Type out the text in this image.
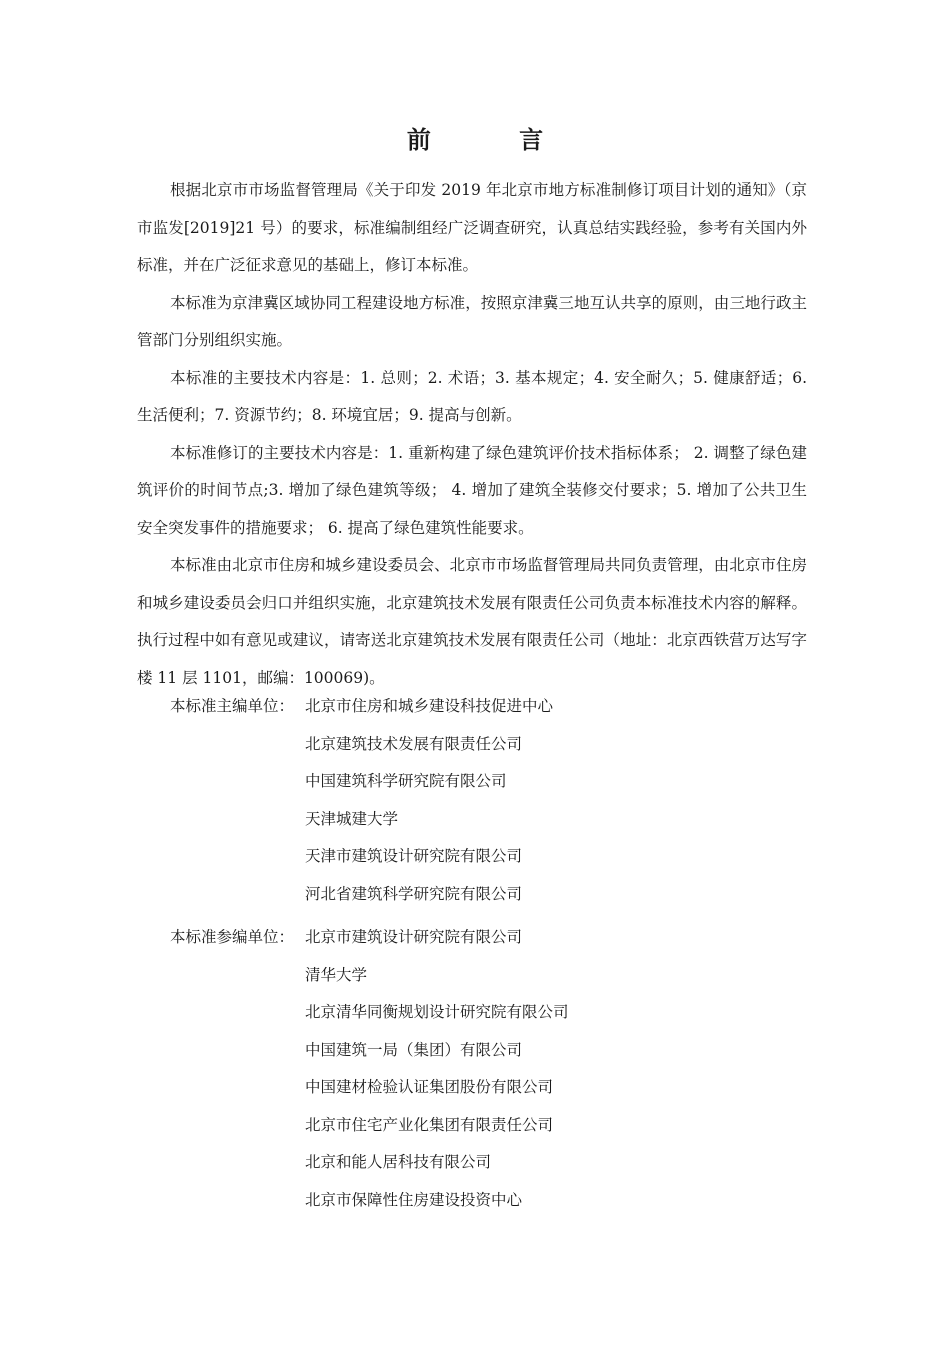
前 言

根据北京市市场监督管理局《关于印发 2019 年北京市地方标准制修订项目计划的通知》（京市监发[2019]21 号）的要求，标准编制组经广泛调查研究，认真总结实践经验，参考有关国内外标准，并在广泛征求意见的基础上，修订本标准。

本标准为京津冀区域协同工程建设地方标准，按照京津冀三地互认共享的原则，由三地行政主管部门分别组织实施。

本标准的主要技术内容是：1. 总则；2. 术语；3. 基本规定；4. 安全耐久；5. 健康舒适；6. 生活便利；7. 资源节约；8. 环境宜居；9. 提高与创新。

本标准修订的主要技术内容是：1. 重新构建了绿色建筑评价技术指标体系； 2. 调整了绿色建筑评价的时间节点;3. 增加了绿色建筑等级； 4. 增加了建筑全装修交付要求；5. 增加了公共卫生安全突发事件的措施要求； 6. 提高了绿色建筑性能要求。

本标准由北京市住房和城乡建设委员会、北京市市场监督管理局共同负责管理，由北京市住房和城乡建设委员会归口并组织实施，北京建筑技术发展有限责任公司负责本标准技术内容的解释。执行过程中如有意见或建议，请寄送北京建筑技术发展有限责任公司（地址：北京西铁营万达写字楼 11 层 1101，邮编：100069)。

本标准主编单位： 北京市住房和城乡建设科技促进中心
北京建筑技术发展有限责任公司
中国建筑科学研究院有限公司
天津城建大学
天津市建筑设计研究院有限公司
河北省建筑科学研究院有限公司
本标准参编单位： 北京市建筑设计研究院有限公司
清华大学
北京清华同衡规划设计研究院有限公司
中国建筑一局（集团）有限公司
中国建材检验认证集团股份有限公司
北京市住宅产业化集团有限责任公司
北京和能人居科技有限公司
北京市保障性住房建设投资中心
